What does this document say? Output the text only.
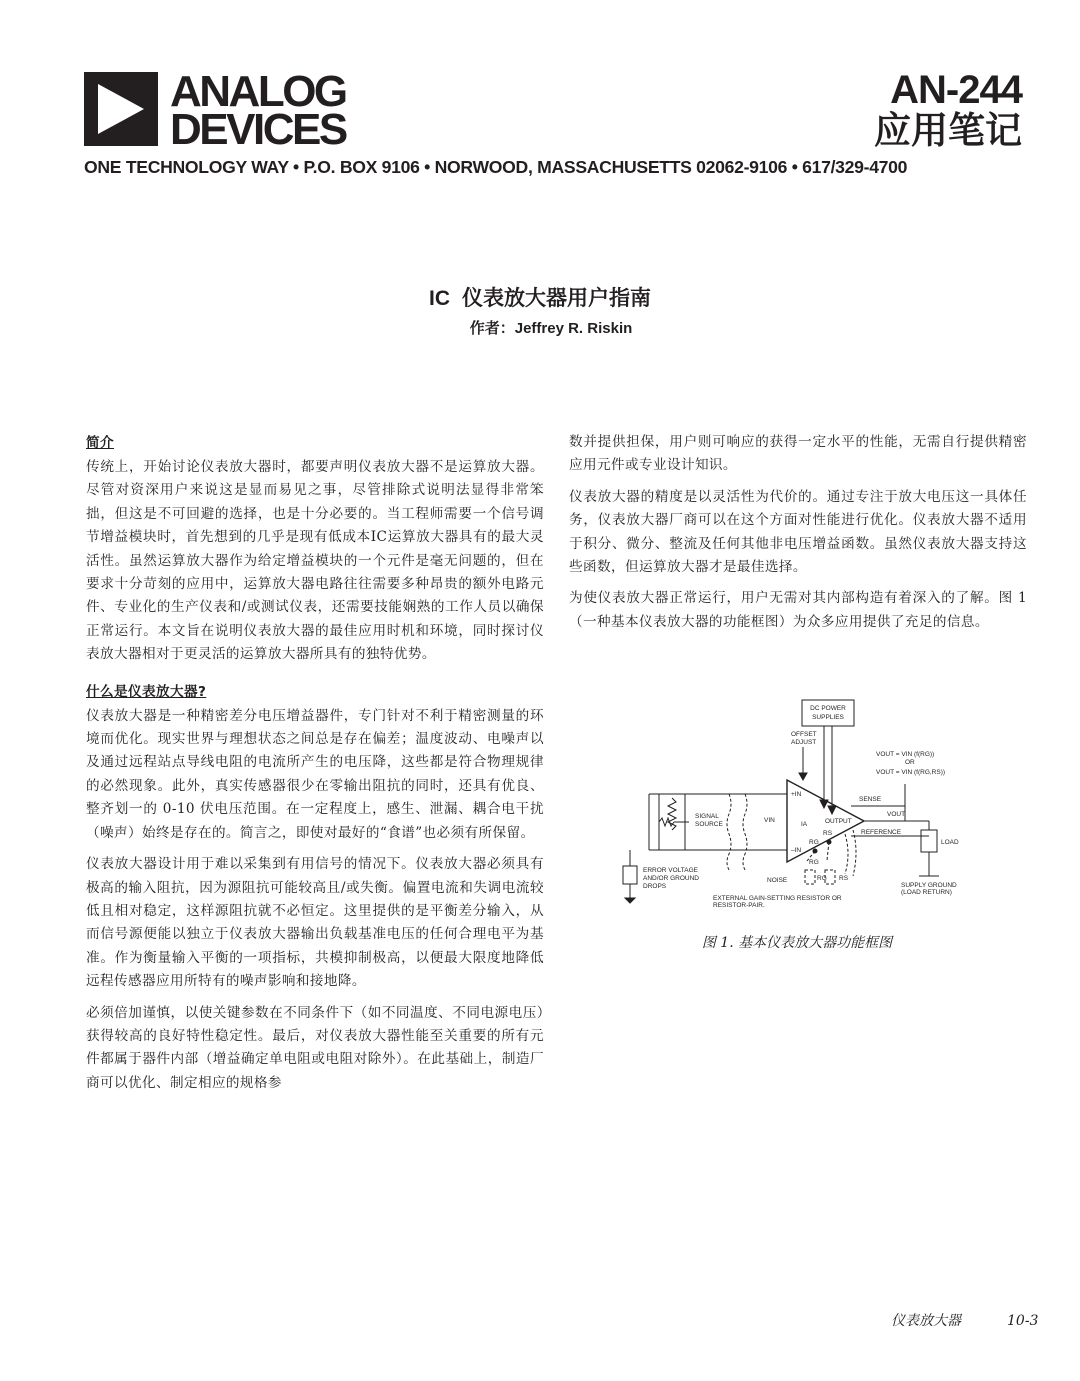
ANALOG
DEVICES
AN-244
应用笔记
ONE TECHNOLOGY WAY • P.O. BOX 9106 • NORWOOD, MASSACHUSETTS 02062-9106 • 617/329-4700
IC 仪表放大器用户指南
作者：Jeffrey R. Riskin
简介

传统上，开始讨论仪表放大器时，都要声明仪表放大器不是运算放大器。尽管对资深用户来说这是显而易见之事，尽管排除式说明法显得非常笨拙，但这是不可回避的选择，也是十分必要的。当工程师需要一个信号调节增益模块时，首先想到的几乎是现有低成本IC运算放大器具有的最大灵活性。虽然运算放大器作为给定增益模块的一个元件是毫无问题的，但在要求十分苛刻的应用中，运算放大器电路往往需要多种昂贵的额外电路元件、专业化的生产仪表和/或测试仪表，还需要技能娴熟的工作人员以确保正常运行。本文旨在说明仪表放大器的最佳应用时机和环境，同时探讨仪表放大器相对于更灵活的运算放大器所具有的独特优势。

什么是仪表放大器?

仪表放大器是一种精密差分电压增益器件，专门针对不利于精密测量的环境而优化。现实世界与理想状态之间总是存在偏差；温度波动、电噪声以及通过远程站点导线电阻的电流所产生的电压降，这些都是符合物理规律的必然现象。此外，真实传感器很少在零输出阻抗的同时，还具有优良、整齐划一的 0-10 伏电压范围。在一定程度上，感生、泄漏、耦合电干扰（噪声）始终是存在的。简言之，即使对最好的“食谱”也必须有所保留。

仪表放大器设计用于难以采集到有用信号的情况下。仪表放大器必须具有极高的输入阻抗，因为源阻抗可能较高且/或失衡。偏置电流和失调电流较低且相对稳定，这样源阻抗就不必恒定。这里提供的是平衡差分输入，从而信号源便能以独立于仪表放大器输出负载基准电压的任何合理电平为基准。作为衡量输入平衡的一项指标，共模抑制极高，以便最大限度地降低远程传感器应用所特有的噪声影响和接地降。

必须倍加谨慎，以使关键参数在不同条件下（如不同温度、不同电源电压）获得较高的良好特性稳定性。最后，对仪表放大器性能至关重要的所有元件都属于器件内部（增益确定单电阻或电阻对除外）。在此基础上，制造厂商可以优化、制定相应的规格参

数并提供担保，用户则可响应的获得一定水平的性能，无需自行提供精密应用元件或专业设计知识。

仪表放大器的精度是以灵活性为代价的。通过专注于放大电压这一具体任务，仪表放大器厂商可以在这个方面对性能进行优化。仪表放大器不适用于积分、微分、整流及任何其他非电压增益函数。虽然仪表放大器支持这些函数，但运算放大器才是最佳选择。

为使仪表放大器正常运行，用户无需对其内部构造有着深入的了解。图 1（一种基本仪表放大器的功能框图）为众多应用提供了充足的信息。

DC POWER
SUPPLIES
OFFSET
ADJUST
VOUT = VIN (f(RG))
OR
VOUT = VIN (f(RG,RS))
+IN
–IN
IA	OUTPUT
VIN
SIGNAL
SOURCE
NOISE
ERROR VOLTAGE
AND/OR GROUND
DROPS
SENSE
VOUT
REFERENCE
LOAD
SUPPLY GROUND
(LOAD RETURN)
RS
RG
RG
RG RS
EXTERNAL GAIN-SETTING RESISTOR OR
RESISTOR-PAIR.
图 1. 基本仪表放大器功能框图
仪表放大器	10-3
